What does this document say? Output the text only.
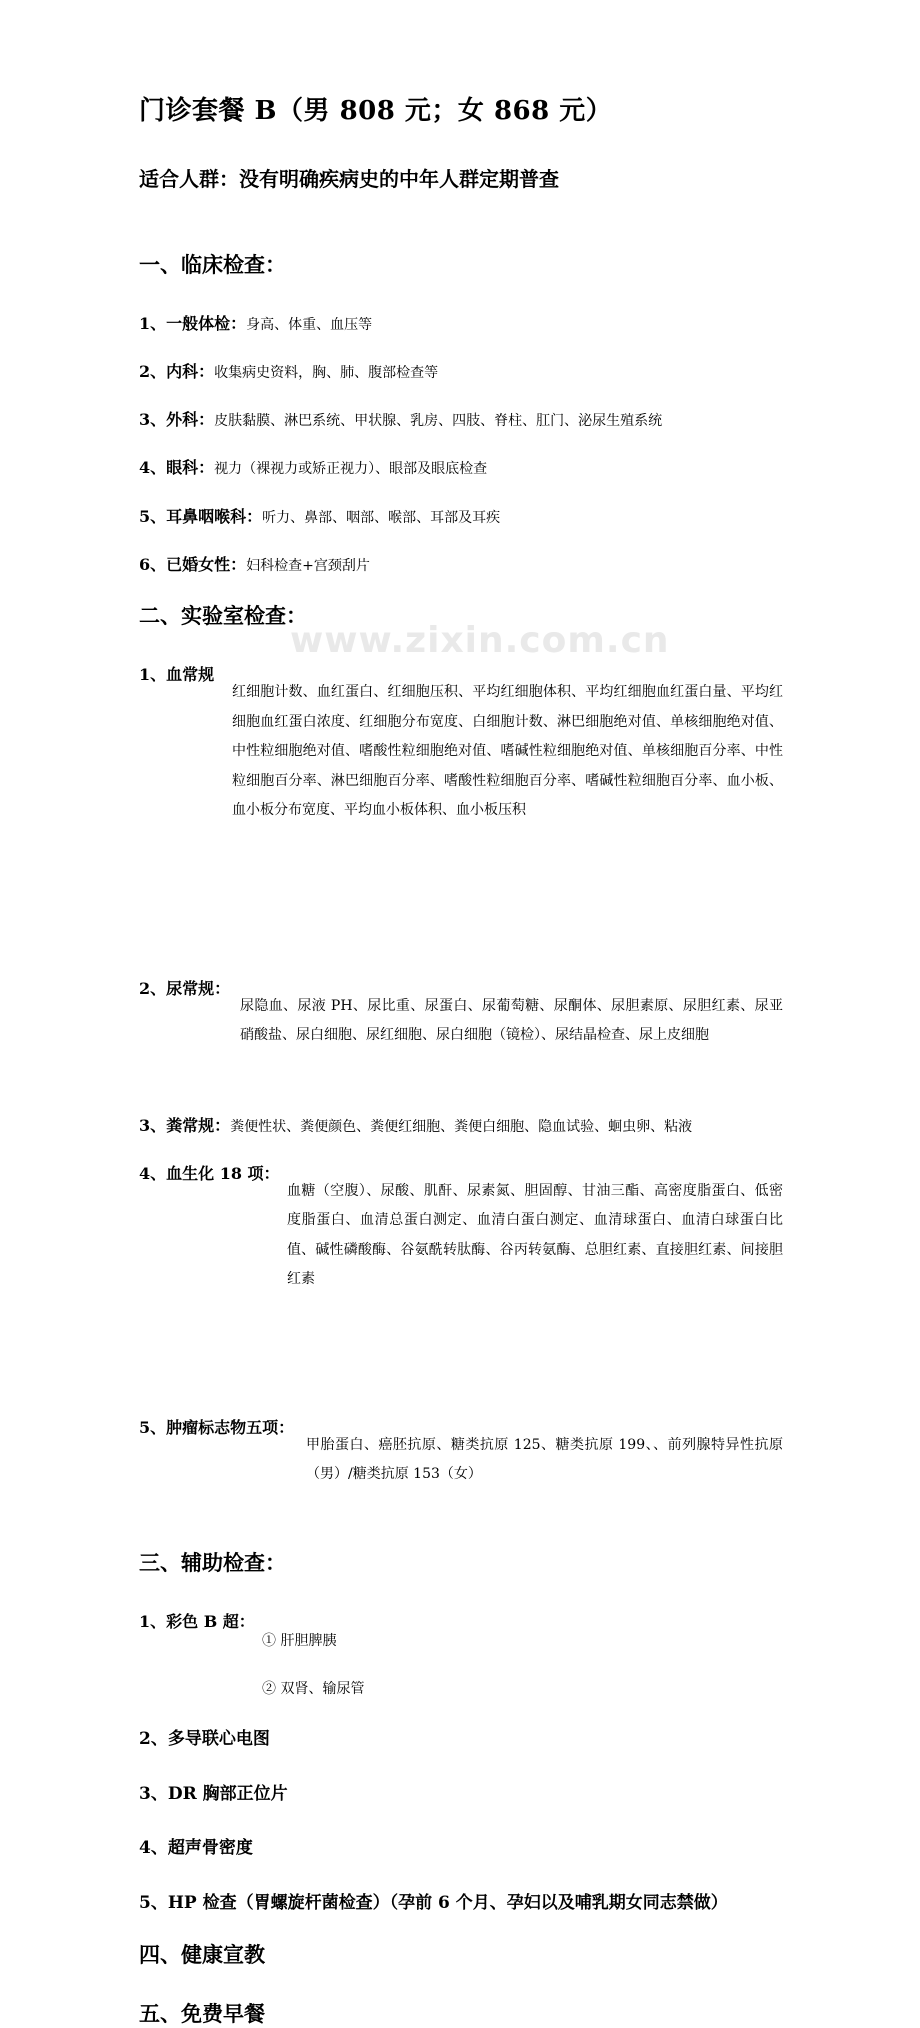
www.zixin.com.cn
门诊套餐 B（男 808 元；女 868 元）
适合人群：没有明确疾病史的中年人群定期普查
一、临床检查：
1、一般体检：身高、体重、血压等
2、内科：收集病史资料，胸、肺、腹部检查等
3、外科：皮肤黏膜、淋巴系统、甲状腺、乳房、四肢、脊柱、肛门、泌尿生殖系统
4、眼科：视力（裸视力或矫正视力）、眼部及眼底检查
5、耳鼻咽喉科：听力、鼻部、咽部、喉部、耳部及耳疾
6、已婚女性：妇科检查+宫颈刮片
二、实验室检查：
1、血常规
红细胞计数、血红蛋白、红细胞压积、平均红细胞体积、平均红细胞血红蛋白量、平均红细胞血红蛋白浓度、红细胞分布宽度、白细胞计数、淋巴细胞绝对值、单核细胞绝对值、中性粒细胞绝对值、嗜酸性粒细胞绝对值、嗜碱性粒细胞绝对值、单核细胞百分率、中性粒细胞百分率、淋巴细胞百分率、嗜酸性粒细胞百分率、嗜碱性粒细胞百分率、血小板、血小板分布宽度、平均血小板体积、血小板压积
2、尿常规：
尿隐血、尿液 PH、尿比重、尿蛋白、尿葡萄糖、尿酮体、尿胆素原、尿胆红素、尿亚硝酸盐、尿白细胞、尿红细胞、尿白细胞（镜检）、尿结晶检查、尿上皮细胞
3、粪常规：粪便性状、粪便颜色、粪便红细胞、粪便白细胞、隐血试验、蛔虫卵、粘液
4、血生化 18 项：
血糖（空腹）、尿酸、肌酐、尿素氮、胆固醇、甘油三酯、高密度脂蛋白、低密度脂蛋白、血清总蛋白测定、血清白蛋白测定、血清球蛋白、血清白球蛋白比值、碱性磷酸酶、谷氨酰转肽酶、谷丙转氨酶、总胆红素、直接胆红素、间接胆红素
5、肿瘤标志物五项：
甲胎蛋白、癌胚抗原、糖类抗原 125、糖类抗原 199、、前列腺特异性抗原（男）/糖类抗原 153（女）
三、辅助检查：
1、彩色 B 超：
① 肝胆脾胰
② 双肾、输尿管
2、多导联心电图
3、DR 胸部正位片
4、超声骨密度
5、HP 检查（胃螺旋杆菌检查）（孕前 6 个月、孕妇以及哺乳期女同志禁做）
四、健康宣教
五、免费早餐
